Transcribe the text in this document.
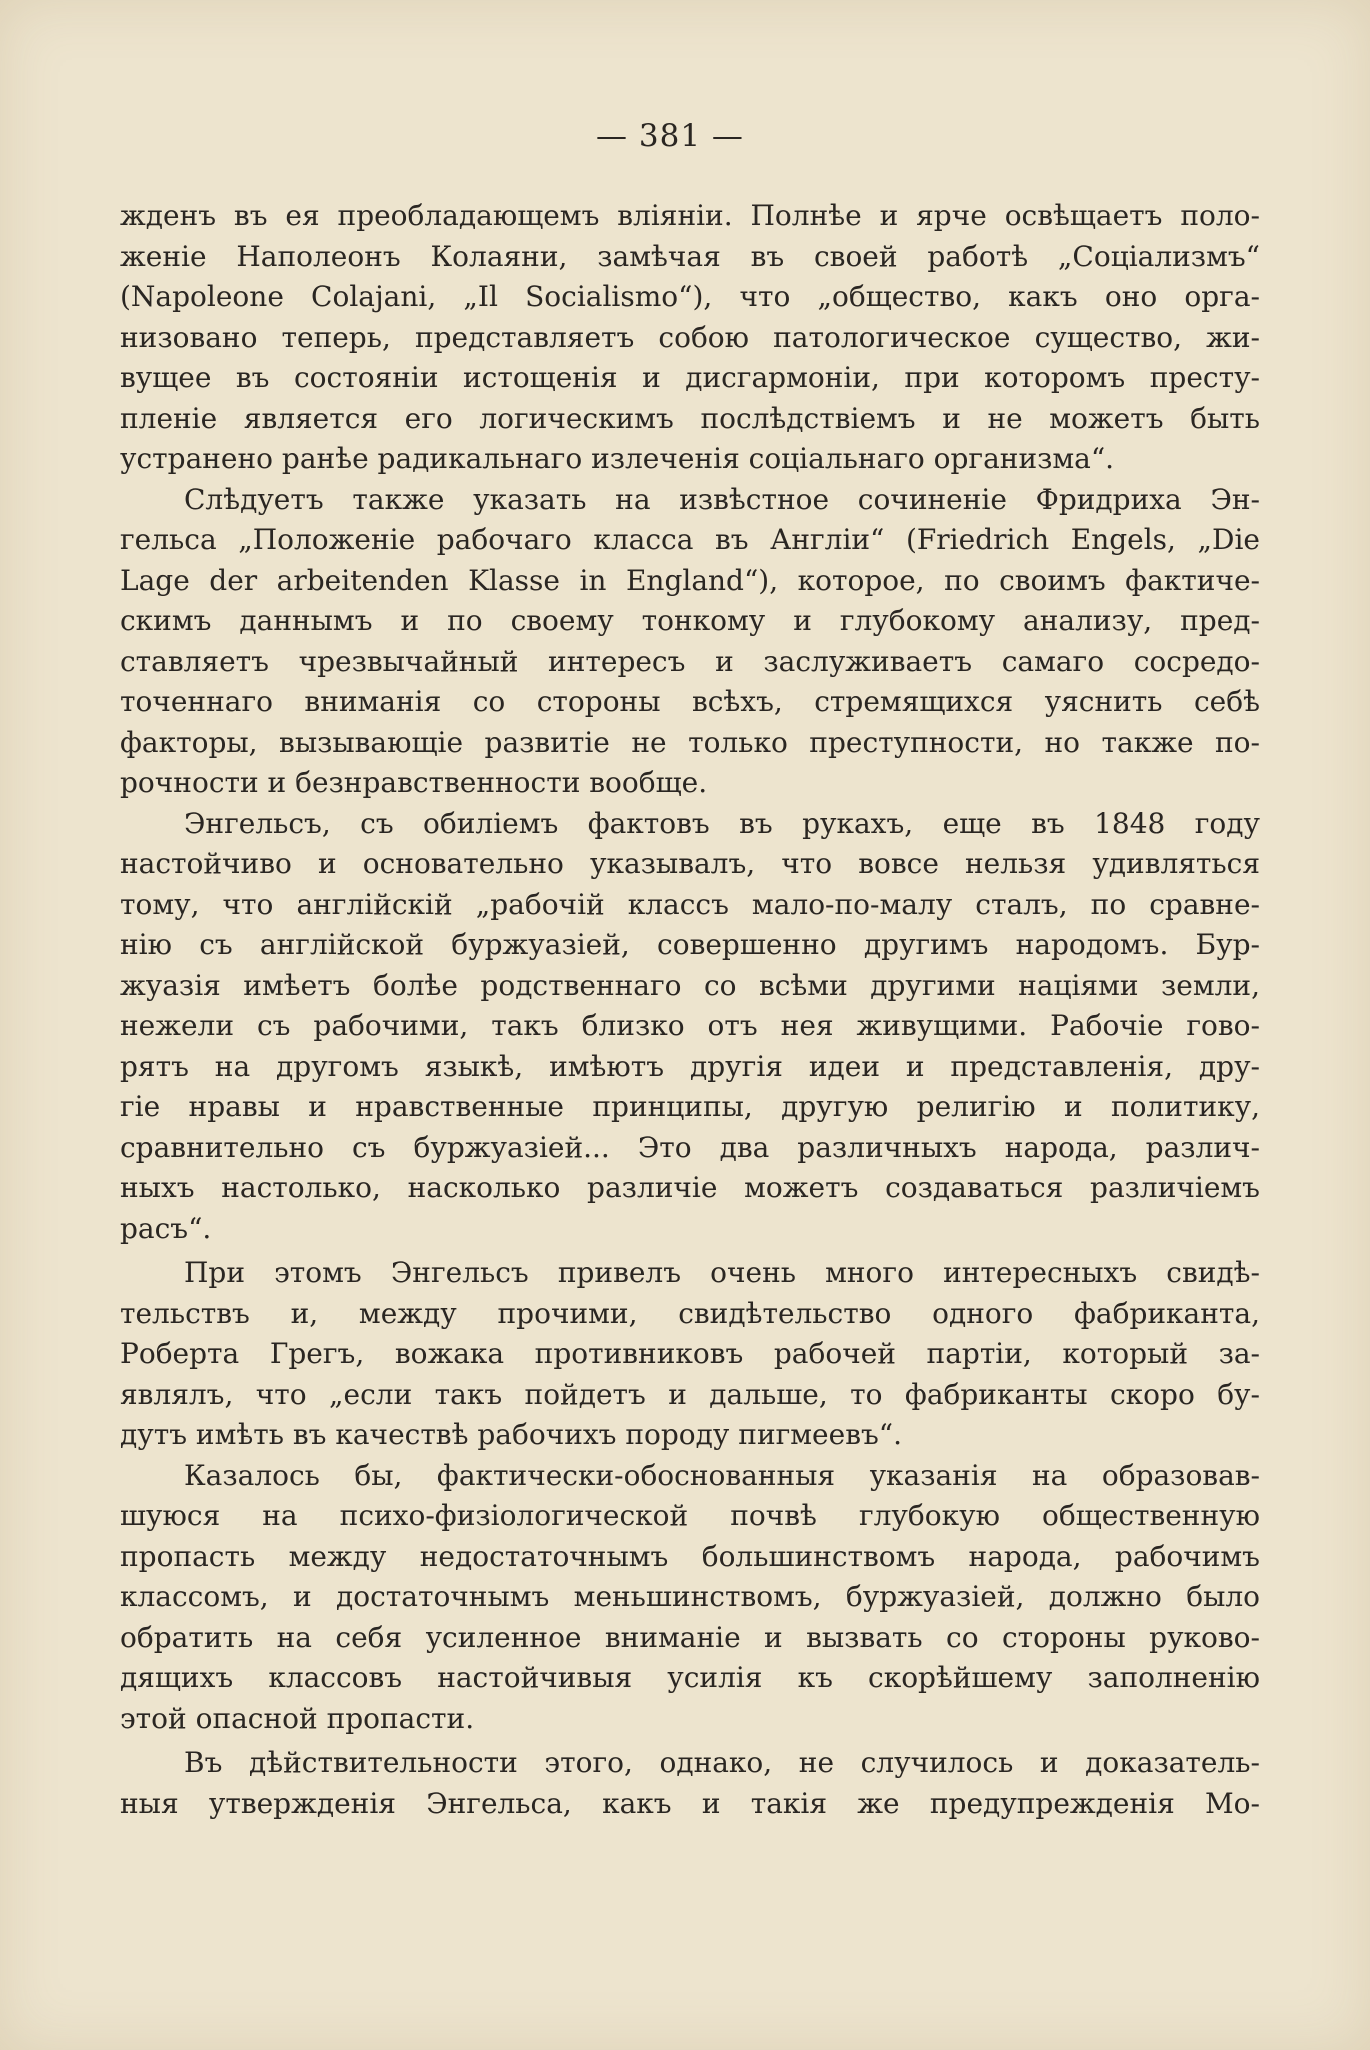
— 381 —
жденъ въ ея преобладающемъ вліяніи. Полнѣе и ярче освѣщаетъ поло-
женіе Наполеонъ Колаяни, замѣчая въ своей работѣ „Соціализмъ“
(Napoleone Colajani, „Il Socialismo“), что „общество, какъ оно орга-
низовано теперь, представляетъ собою патологическое существо, жи-
вущее въ состояніи истощенія и дисгармоніи, при которомъ престу-
пленіе является его логическимъ послѣдствіемъ и не можетъ быть
устранено ранѣе радикальнаго излеченія соціальнаго организма“.
Слѣдуетъ также указать на извѣстное сочиненіе Фридриха Эн-
гельса „Положеніе рабочаго класса въ Англіи“ (Friedrich Engels, „Die
Lage der arbeitenden Klasse in England“), которое, по своимъ фактиче-
скимъ даннымъ и по своему тонкому и глубокому анализу, пред-
ставляетъ чрезвычайный интересъ и заслуживаетъ самаго сосредо-
точеннаго вниманія со стороны всѣхъ, стремящихся уяснить себѣ
факторы, вызывающіе развитіе не только преступности, но также по-
рочности и безнравственности вообще.
Энгельсъ, съ обиліемъ фактовъ въ рукахъ, еще въ 1848 году
настойчиво и основательно указывалъ, что вовсе нельзя удивляться
тому, что англійскій „рабочій классъ мало-по-малу сталъ, по сравне-
нію съ англійской буржуазіей, совершенно другимъ народомъ. Бур-
жуазія имѣетъ болѣе родственнаго со всѣми другими націями земли,
нежели съ рабочими, такъ близко отъ нея живущими. Рабочіе гово-
рятъ на другомъ языкѣ, имѣютъ другія идеи и представленія, дру-
гіе нравы и нравственные принципы, другую религію и политику,
сравнительно съ буржуазіей... Это два различныхъ народа, различ-
ныхъ настолько, насколько различіе можетъ создаваться различіемъ
расъ“.
При этомъ Энгельсъ привелъ очень много интересныхъ свидѣ-
тельствъ и, между прочими, свидѣтельство одного фабриканта,
Роберта Грегъ, вожака противниковъ рабочей партіи, который за-
являлъ, что „если такъ пойдетъ и дальше, то фабриканты скоро бу-
дутъ имѣть въ качествѣ рабочихъ породу пигмеевъ“.
Казалось бы, фактически-обоснованныя указанія на образовав-
шуюся на психо-физіологической почвѣ глубокую общественную
пропасть между недостаточнымъ большинствомъ народа, рабочимъ
классомъ, и достаточнымъ меньшинствомъ, буржуазіей, должно было
обратить на себя усиленное вниманіе и вызвать со стороны руково-
дящихъ классовъ настойчивыя усилія къ скорѣйшему заполненію
этой опасной пропасти.
Въ дѣйствительности этого, однако, не случилось и доказатель-
ныя утвержденія Энгельса, какъ и такія же предупрежденія Мо-
